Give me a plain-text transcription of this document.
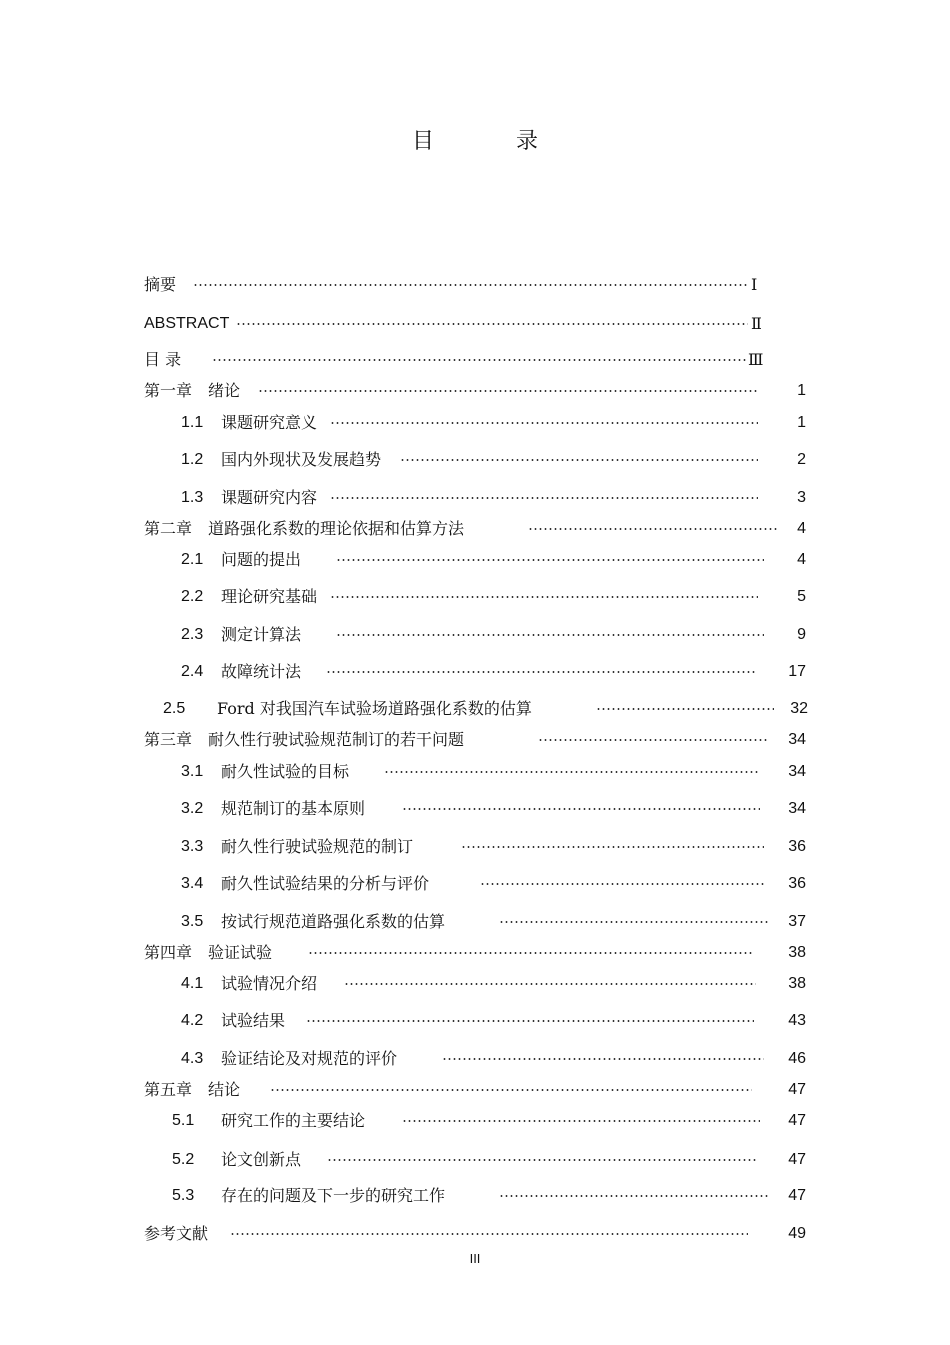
目　录
摘要	Ⅰ
ABSTRACT	Ⅱ
目 录	Ⅲ
第一章　绪论	1
1.1 课题研究意义	1
1.2 国内外现状及发展趋势	2
1.3 课题研究内容	3
第二章　道路强化系数的理论依据和估算方法	4
2.1 问题的提出	4
2.2 理论研究基础	5
2.3 测定计算法	9
2.4 故障统计法	17
2.5 Ford 对我国汽车试验场道路强化系数的估算	32
第三章　耐久性行驶试验规范制订的若干问题	34
3.1 耐久性试验的目标	34
3.2 规范制订的基本原则	34
3.3 耐久性行驶试验规范的制订	36
3.4 耐久性试验结果的分析与评价	36
3.5 按试行规范道路强化系数的估算	37
第四章　验证试验	38
4.1 试验情况介绍	38
4.2 试验结果	43
4.3 验证结论及对规范的评价	46
第五章　结论	47
5.1 研究工作的主要结论	47
5.2 论文创新点	47
5.3 存在的问题及下一步的研究工作	47
参考文献	49
III
